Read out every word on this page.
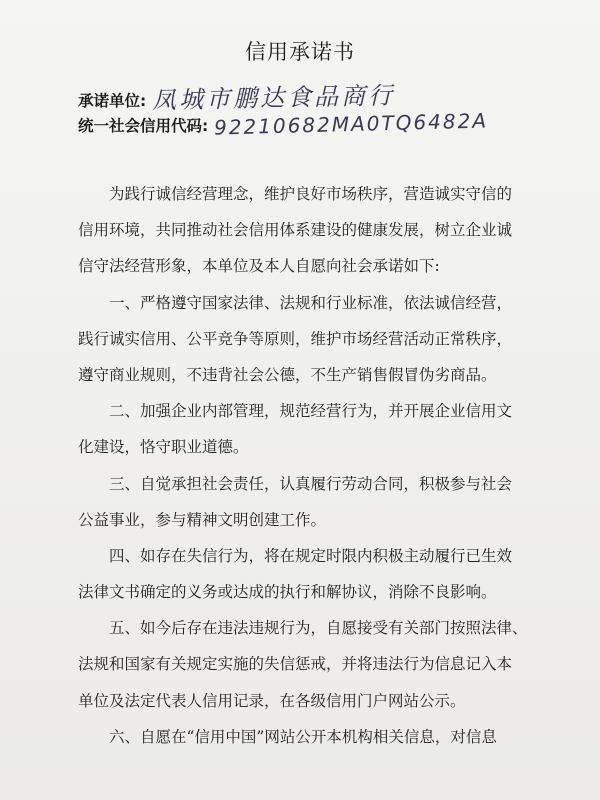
信用承诺书
承诺单位: 凤城市鹏达食品商行
统一社会信用代码: 92210682MA0TQ6482A
为践行诚信经营理念，维护良好市场秩序，营造诚实守信的
信用环境，共同推动社会信用体系建设的健康发展，树立企业诚
信守法经营形象，本单位及本人自愿向社会承诺如下:
一、严格遵守国家法律、法规和行业标准，依法诚信经营，
践行诚实信用、公平竞争等原则，维护市场经营活动正常秩序，
遵守商业规则，不违背社会公德，不生产销售假冒伪劣商品。
二、加强企业内部管理，规范经营行为，并开展企业信用文
化建设，恪守职业道德。
三、自觉承担社会责任，认真履行劳动合同，积极参与社会
公益事业，参与精神文明创建工作。
四、如存在失信行为，将在规定时限内积极主动履行已生效
法律文书确定的义务或达成的执行和解协议，消除不良影响。
五、如今后存在违法违规行为，自愿接受有关部门按照法律、
法规和国家有关规定实施的失信惩戒，并将违法行为信息记入本
单位及法定代表人信用记录，在各级信用门户网站公示。
六、自愿在“信用中国”网站公开本机构相关信息，对信息
